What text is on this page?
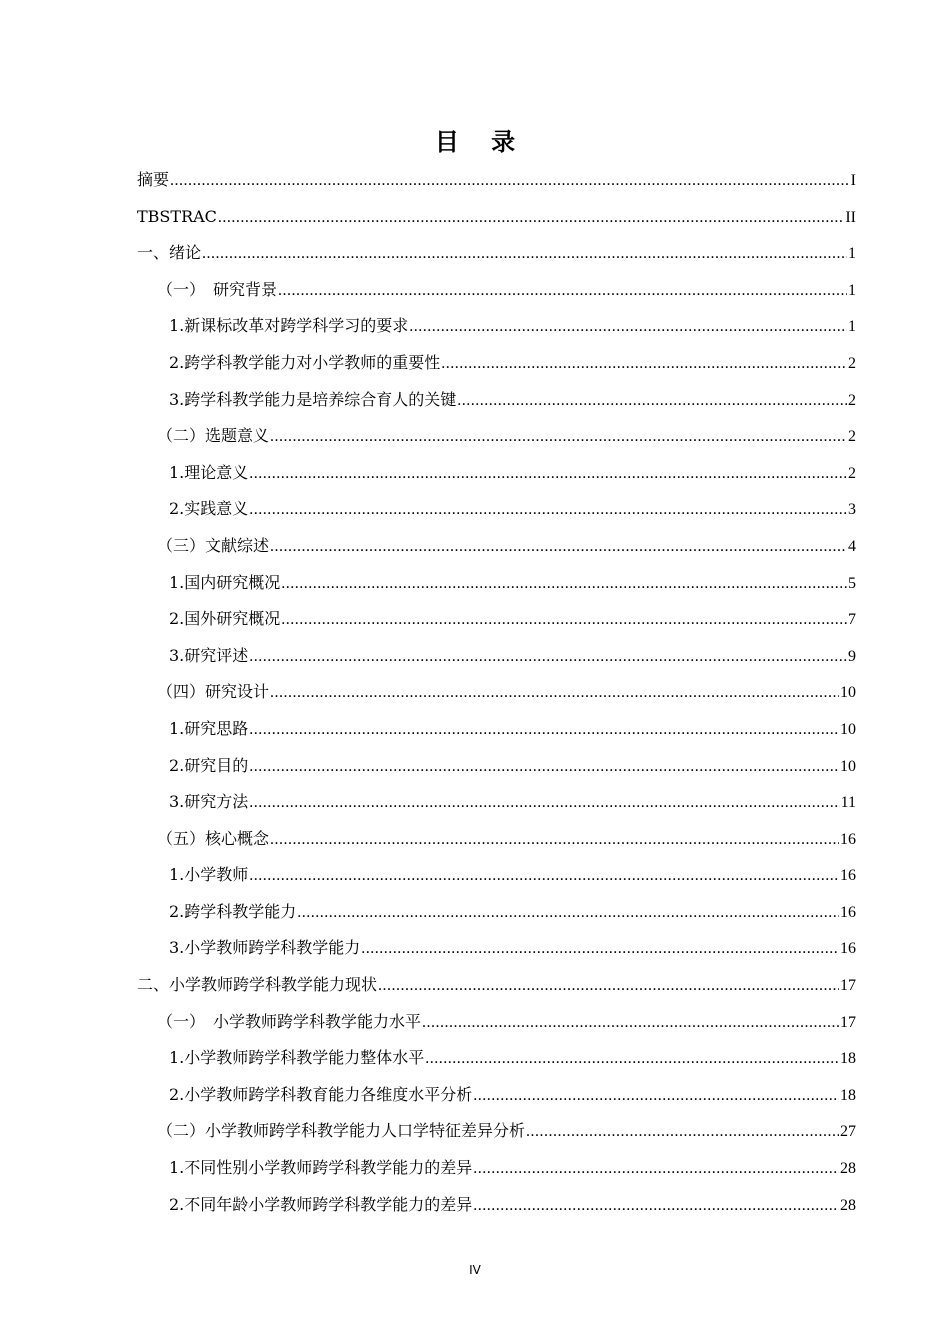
目 录
摘要 .....	I
TBSTRAC .....	II
一、绪论 .....	1
（一）　研究背景 .....	1
1.新课标改革对跨学科学习的要求 .....	1
2.跨学科教学能力对小学教师的重要性 .....	2
3.跨学科教学能力是培养综合育人的关键 .....	2
（二）选题意义 .....	2
1.理论意义 .....	2
2.实践意义 .....	3
（三）文献综述 .....	4
1.国内研究概况 .....	5
2.国外研究概况 .....	7
3.研究评述 .....	9
（四）研究设计 .....	10
1.研究思路 .....	10
2.研究目的 .....	10
3.研究方法 .....	11
（五）核心概念 .....	16
1.小学教师 .....	16
2.跨学科教学能力 .....	16
3.小学教师跨学科教学能力 .....	16
二、小学教师跨学科教学能力现状 .....	17
（一）　小学教师跨学科教学能力水平 .....	17
1.小学教师跨学科教学能力整体水平 .....	18
2.小学教师跨学科教育能力各维度水平分析 .....	18
（二）小学教师跨学科教学能力人口学特征差异分析 .....	27
1.不同性别小学教师跨学科教学能力的差异 .....	28
2.不同年龄小学教师跨学科教学能力的差异 .....	28
IV
